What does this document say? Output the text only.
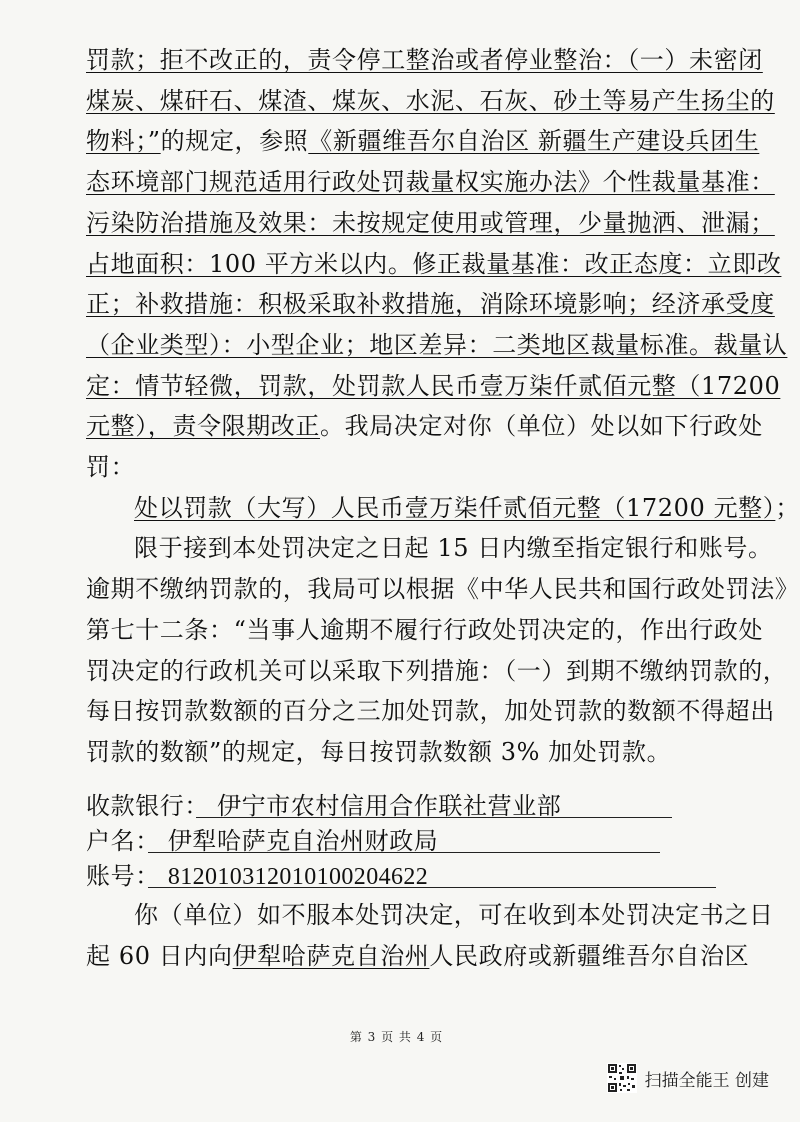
罚款；拒不改正的，责令停工整治或者停业整治：（一）未密闭
煤炭、煤矸石、煤渣、煤灰、水泥、石灰、砂土等易产生扬尘的
物料；”的规定，参照《新疆维吾尔自治区 新疆生产建设兵团生
态环境部门规范适用行政处罚裁量权实施办法》个性裁量基准：
污染防治措施及效果：未按规定使用或管理，少量抛洒、泄漏；
占地面积：100 平方米以内。修正裁量基准：改正态度：立即改
正；补救措施：积极采取补救措施，消除环境影响；经济承受度
（企业类型）：小型企业；地区差异：二类地区裁量标准。裁量认
定：情节轻微，罚款，处罚款人民币壹万柒仟贰佰元整（17200
元整），责令限期改正。我局决定对你（单位）处以如下行政处
罚：
处以罚款（大写）人民币壹万柒仟贰佰元整（17200 元整）；
限于接到本处罚决定之日起 15 日内缴至指定银行和账号。
逾期不缴纳罚款的，我局可以根据《中华人民共和国行政处罚法》
第七十二条：“当事人逾期不履行行政处罚决定的，作出行政处
罚决定的行政机关可以采取下列措施：（一）到期不缴纳罚款的，
每日按罚款数额的百分之三加处罚款，加处罚款的数额不得超出
罚款的数额”的规定，每日按罚款数额 3% 加处罚款。
收款银行： 伊宁市农村信用合作联社营业部
户名： 伊犁哈萨克自治州财政局
账号： 812010312010100204622
你（单位）如不服本处罚决定，可在收到本处罚决定书之日
起 60 日内向伊犁哈萨克自治州人民政府或新疆维吾尔自治区
第 3 页 共 4 页
扫描全能王 创建
